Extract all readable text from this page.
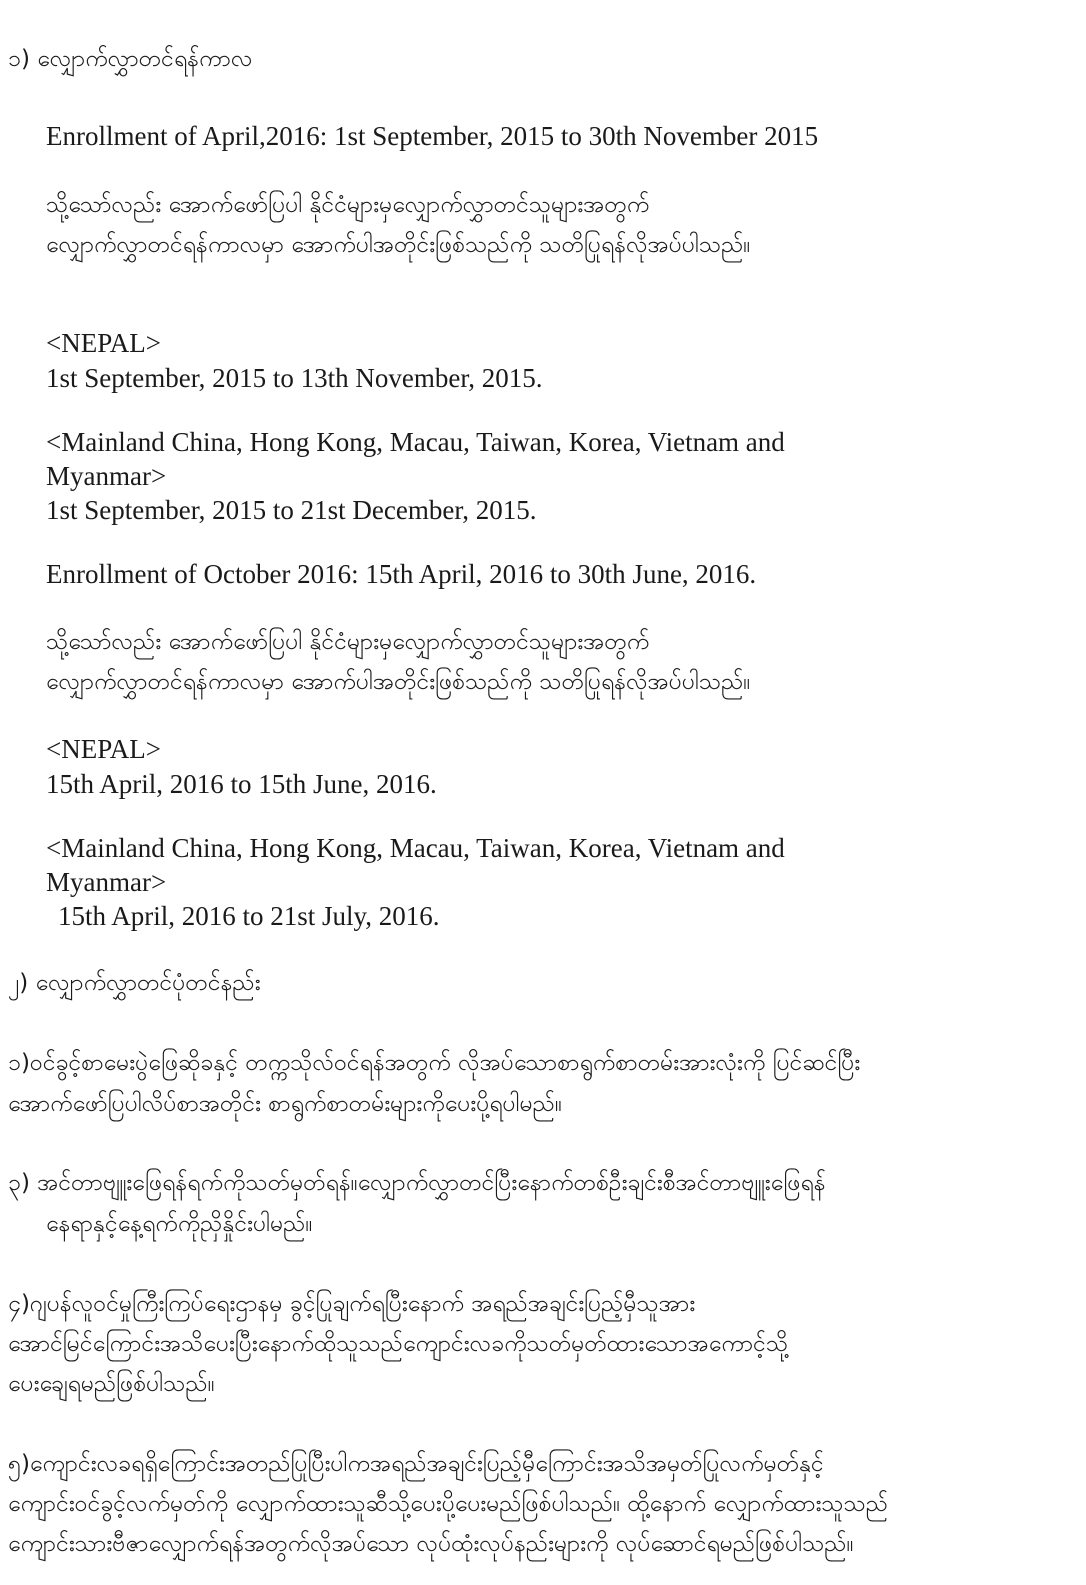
၁) လျှောက်လွှာတင်ရန်ကာလ

Enrollment of April,2016: 1st September, 2015 to 30th November 2015

သို့သော်လည်း အောက်ဖော်ပြပါ နိုင်ငံများမှလျှောက်လွှာတင်သူများအတွက်

လျှောက်လွှာတင်ရန်ကာလမှာ အောက်ပါအတိုင်းဖြစ်သည်ကို သတိပြုရန်လိုအပ်ပါသည်။

<NEPAL>

1st September, 2015 to 13th November, 2015.

<Mainland China, Hong Kong, Macau, Taiwan, Korea, Vietnam and

Myanmar>

1st September, 2015 to 21st December, 2015.

Enrollment of October 2016: 15th April, 2016 to 30th June, 2016.

သို့သော်လည်း အောက်ဖော်ပြပါ နိုင်ငံများမှလျှောက်လွှာတင်သူများအတွက်

လျှောက်လွှာတင်ရန်ကာလမှာ အောက်ပါအတိုင်းဖြစ်သည်ကို သတိပြုရန်လိုအပ်ပါသည်။

<NEPAL>

15th April, 2016 to 15th June, 2016.

<Mainland China, Hong Kong, Macau, Taiwan, Korea, Vietnam and

Myanmar>

15th April, 2016 to 21st July, 2016.

၂) လျှောက်လွှာတင်ပုံတင်နည်း

၁)ဝင်ခွင့်စာမေးပွဲဖြေဆိုခနှင့် တက္ကသိုလ်ဝင်ရန်အတွက် လိုအပ်သောစာရွက်စာတမ်းအားလုံးကို ပြင်ဆင်ပြီး

အောက်ဖော်ပြပါလိပ်စာအတိုင်း စာရွက်စာတမ်းများကိုပေးပို့ရပါမည်။

၃) အင်တာဗျူးဖြေရန်ရက်ကိုသတ်မှတ်ရန်။လျှောက်လွှာတင်ပြီးနောက်တစ်ဦးချင်းစီအင်တာဗျူးဖြေရန်

နေရာနှင့်နေ့ရက်ကိုညှိနှိုင်းပါမည်။

၄)ဂျပန်လူဝင်မှုကြီးကြပ်ရေးဌာနမှ ခွင့်ပြုချက်ရပြီးနောက် အရည်အချင်းပြည့်မှီသူအား

အောင်မြင်ကြောင်းအသိပေးပြီးနောက်ထိုသူသည်ကျောင်းလခကိုသတ်မှတ်ထားသောအကောင့်သို့

ပေးချေရမည်ဖြစ်ပါသည်။

၅)ကျောင်းလခရရှိကြောင်းအတည်ပြုပြီးပါကအရည်အချင်းပြည့်မှီကြောင်းအသိအမှတ်ပြုလက်မှတ်နှင့်

ကျောင်းဝင်ခွင့်လက်မှတ်ကို လျှောက်ထားသူဆီသို့ပေးပို့ပေးမည်ဖြစ်ပါသည်။ ထို့နောက် လျှောက်ထားသူသည်

ကျောင်းသားဗီဇာလျှောက်ရန်အတွက်လိုအပ်သော လုပ်ထုံးလုပ်နည်းများကို လုပ်ဆောင်ရမည်ဖြစ်ပါသည်။
